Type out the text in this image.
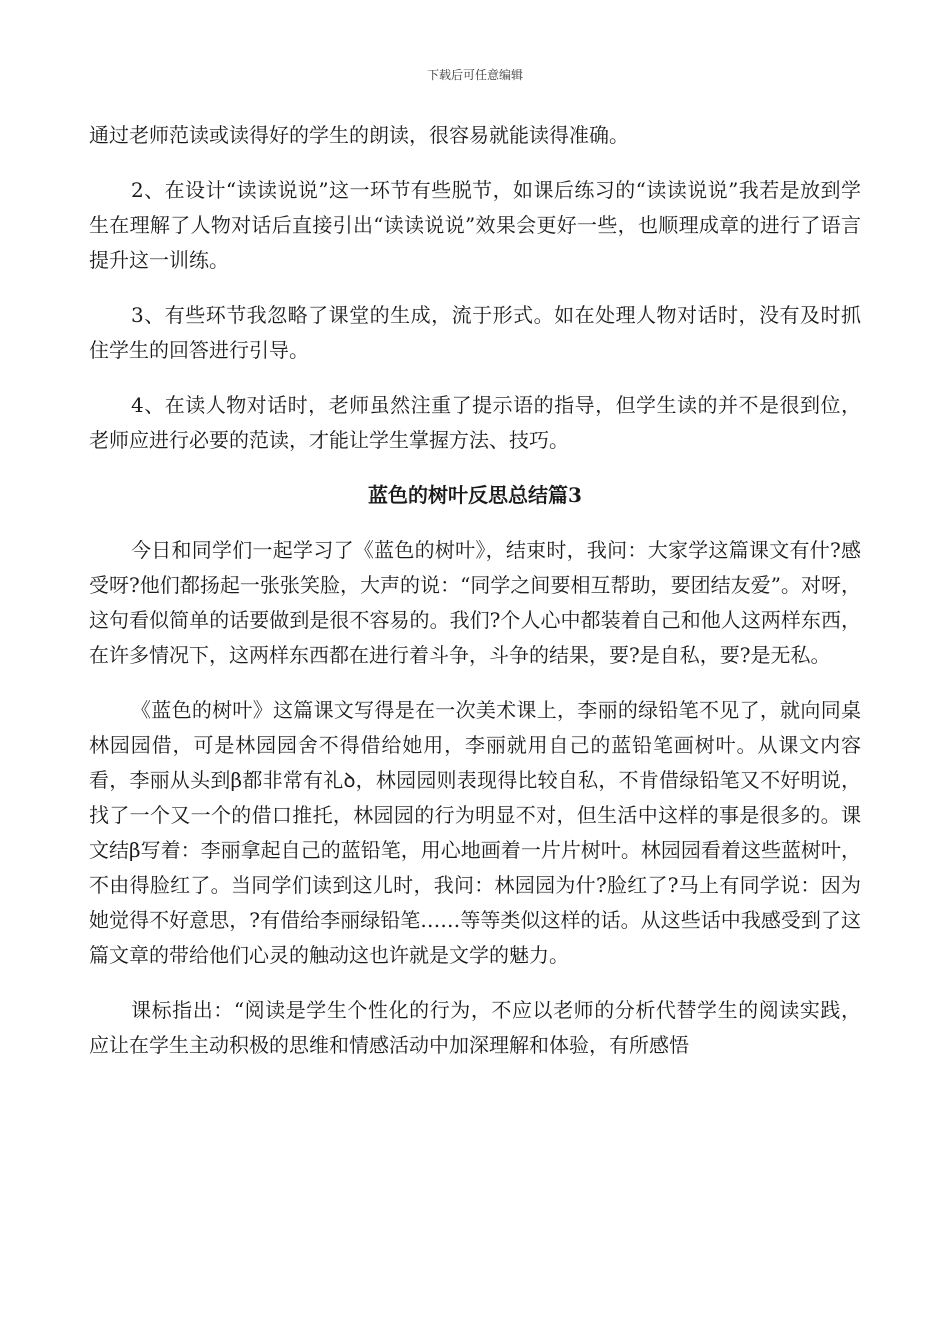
下载后可任意编辑

通过老师范读或读得好的学生的朗读，很容易就能读得准确。

2、在设计“读读说说”这一环节有些脱节，如课后练习的“读读说说”我若是放到学生在理解了人物对话后直接引出“读读说说”效果会更好一些，也顺理成章的进行了语言提升这一训练。

3、有些环节我忽略了课堂的生成，流于形式。如在处理人物对话时，没有及时抓住学生的回答进行引导。

4、在读人物对话时，老师虽然注重了提示语的指导，但学生读的并不是很到位，老师应进行必要的范读，才能让学生掌握方法、技巧。

蓝色的树叶反思总结篇3

今日和同学们一起学习了《蓝色的树叶》，结束时，我问：大家学这篇课文有什?感受呀?他们都扬起一张张笑脸，大声的说：“同学之间要相互帮助，要团结友爱”。对呀，这句看似简单的话要做到是很不容易的。我们?个人心中都装着自己和他人这两样东西，在许多情况下，这两样东西都在进行着斗争，斗争的结果，要?是自私，要?是无私。

《蓝色的树叶》这篇课文写得是在一次美术课上，李丽的绿铅笔不见了，就向同桌林园园借，可是林园园舍不得借给她用，李丽就用自己的蓝铅笔画树叶。从课文内容看，李丽从头到β都非常有礼ꝺ，林园园则表现得比较自私，不肯借绿铅笔又不好明说，找了一个又一个的借口推托，林园园的行为明显不对，但生活中这样的事是很多的。课文结β写着：李丽拿起自己的蓝铅笔，用心地画着一片片树叶。林园园看着这些蓝树叶，不由得脸红了。当同学们读到这儿时，我问：林园园为什?脸红了?马上有同学说：因为她觉得不好意思，?有借给李丽绿铅笔……等等类似这样的话。从这些话中我感受到了这篇文章的带给他们心灵的触动这也许就是文学的魅力。

课标指出：“阅读是学生个性化的行为，不应以老师的分析代替学生的阅读实践，应让在学生主动积极的思维和情感活动中加深理解和体验，有所感悟
